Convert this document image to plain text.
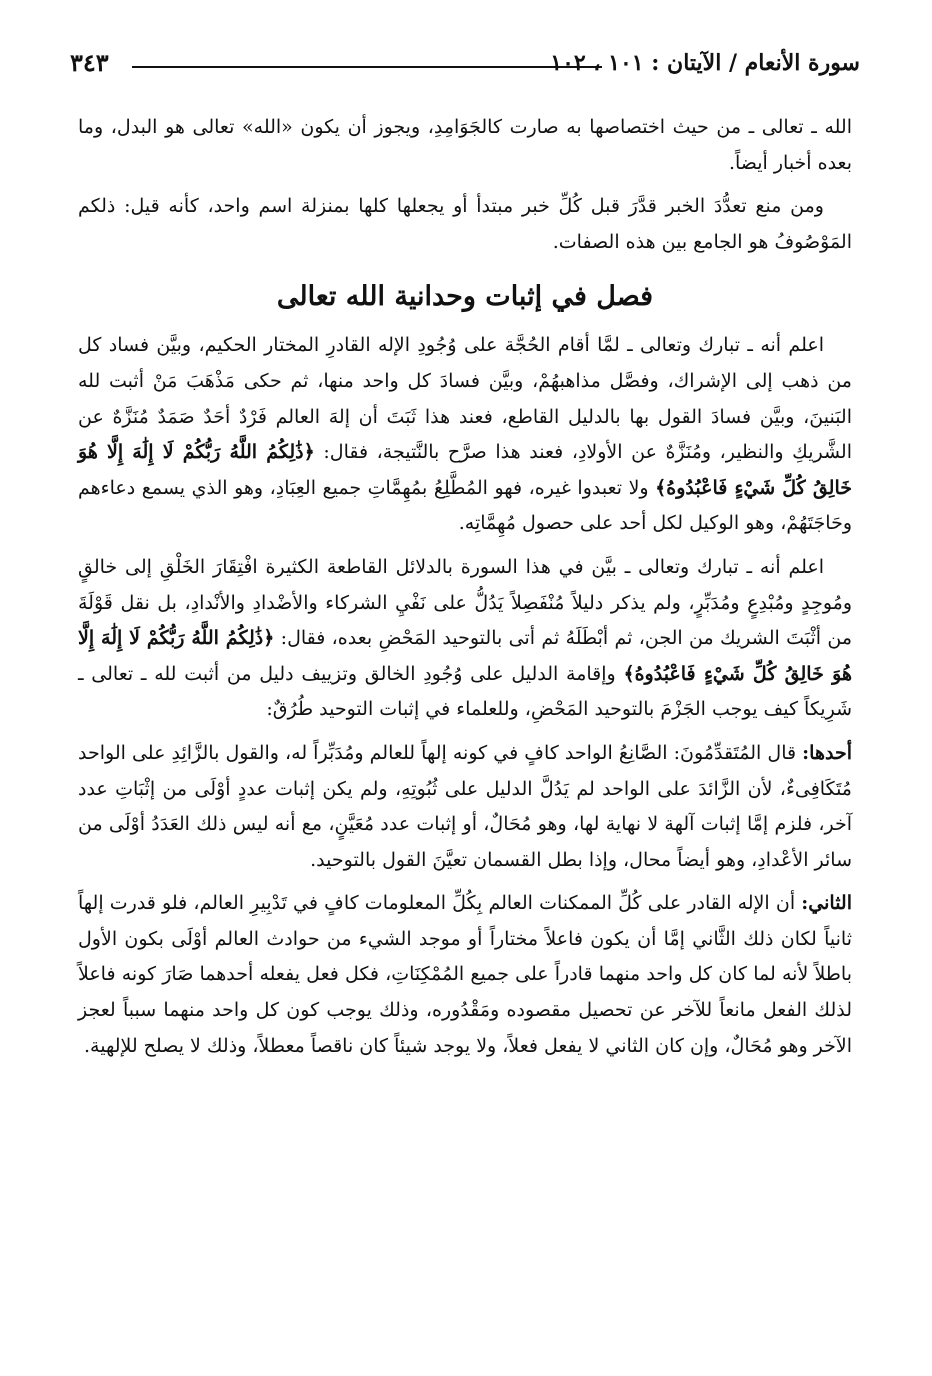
سورة الأنعام / الآيتان : ١٠١ ، ١٠٢
٣٤٣

الله ـ تعالى ـ من حيث اختصاصها به صارت كالجَوَامِدِ، ويجوز أن يكون «الله» تعالى هو البدل، وما بعده أخبار أيضاً.

ومن منع تعدُّدَ الخبر قدَّرَ قبل كُلِّ خبر مبتدأ أو يجعلها كلها بمنزلة اسم واحد، كأنه قيل: ذلكم المَوْصُوفُ هو الجامع بين هذه الصفات.

فصل في إثبات وحدانية الله تعالى

اعلم أنه ـ تبارك وتعالى ـ لمَّا أقام الحُجَّة على وُجُودِ الإله القادرِ المختار الحكيم، وبيَّن فساد كل من ذهب إلى الإشراك، وفصَّل مذاهبهُمْ، وبيَّن فسادَ كل واحد منها، ثم حكى مَذْهَبَ مَنْ أثبت لله البَنينَ، وبيَّن فسادَ القول بها بالدليل القاطع، فعند هذا ثَبَتَ أن إلهَ العالم فَرْدٌ أحَدٌ صَمَدٌ مُنَزَّهٌ عن الشَّريكِ والنظير، ومُنَزَّهٌ عن الأولادِ، فعند هذا صرَّح بالنَّتيجة، فقال: ﴿ذَٰلِكُمُ اللَّهُ رَبُّكُمْ لَا إِلَٰهَ إِلَّا هُوَ خَالِقُ كُلِّ شَيْءٍ فَاعْبُدُوهُ﴾ ولا تعبدوا غيره، فهو المُطَّلِعُ بمُهِمَّاتِ جميع العِبَادِ، وهو الذي يسمع دعاءهم وحَاجَتَهُمْ، وهو الوكيل لكل أحد على حصول مُهِمَّاتِه.

اعلم أنه ـ تبارك وتعالى ـ بيَّن في هذا السورة بالدلائل القاطعة الكثيرة افْتِقَارَ الخَلْقِ إلى خالقٍ ومُوجِدٍ ومُبْدِعٍ ومُدَبِّرٍ، ولم يذكر دليلاً مُنْفَصِلاً يَدُلُّ على نَفْيِ الشركاء والأضْدادِ والأنْدادِ، بل نقل قَوْلَةَ من أثْبَتَ الشريك من الجن، ثم أبْطَلَهُ ثم أتى بالتوحيد المَحْضِ بعده، فقال: ﴿ذَٰلِكُمُ اللَّهُ رَبُّكُمْ لَا إِلَٰهَ إِلَّا هُوَ خَالِقُ كُلِّ شَيْءٍ فَاعْبُدُوهُ﴾ وإقامة الدليل على وُجُودِ الخالق وتزييف دليل من أثبت لله ـ تعالى ـ شَرِيكاً كيف يوجب الجَزْمَ بالتوحيد المَحْضِ، وللعلماء في إثبات التوحيد طُرُقٌ:

أحدها: قال المُتَقدِّمُونَ: الصَّانِعُ الواحد كافٍ في كونه إلهاً للعالم ومُدَبِّراً له، والقول بالزَّائِدِ على الواحد مُتَكَافِىءٌ، لأن الزَّائدَ على الواحد لم يَدُلَّ الدليل على ثُبُوتِهِ، ولم يكن إثبات عددٍ أوْلَى من إثْبَاتِ عدد آخر، فلزم إمَّا إثبات آلهة لا نهاية لها، وهو مُحَالٌ، أو إثبات عدد مُعَيَّنٍ، مع أنه ليس ذلك العَدَدُ أوْلَى من سائر الأعْدادِ، وهو أيضاً محال، وإذا بطل القسمان تعيَّنَ القول بالتوحيد.

الثاني: أن الإله القادر على كُلِّ الممكنات العالم بِكُلِّ المعلومات كافٍ في تَدْبِيرِ العالم، فلو قدرت إلهاً ثانياً لكان ذلك الثَّاني إمَّا أن يكون فاعلاً مختاراً أو موجد الشيء من حوادث العالم أوْلَى بكون الأول باطلاً لأنه لما كان كل واحد منهما قادراً على جميع المُمْكِنَاتِ، فكل فعل يفعله أحدهما صَارَ كونه فاعلاً لذلك الفعل مانعاً للآخر عن تحصيل مقصوده ومَقْدُوره، وذلك يوجب كون كل واحد منهما سبباً لعجز الآخر وهو مُحَالٌ، وإن كان الثاني لا يفعل فعلاً، ولا يوجد شيئاً كان ناقصاً معطلاً، وذلك لا يصلح للإلهية.
